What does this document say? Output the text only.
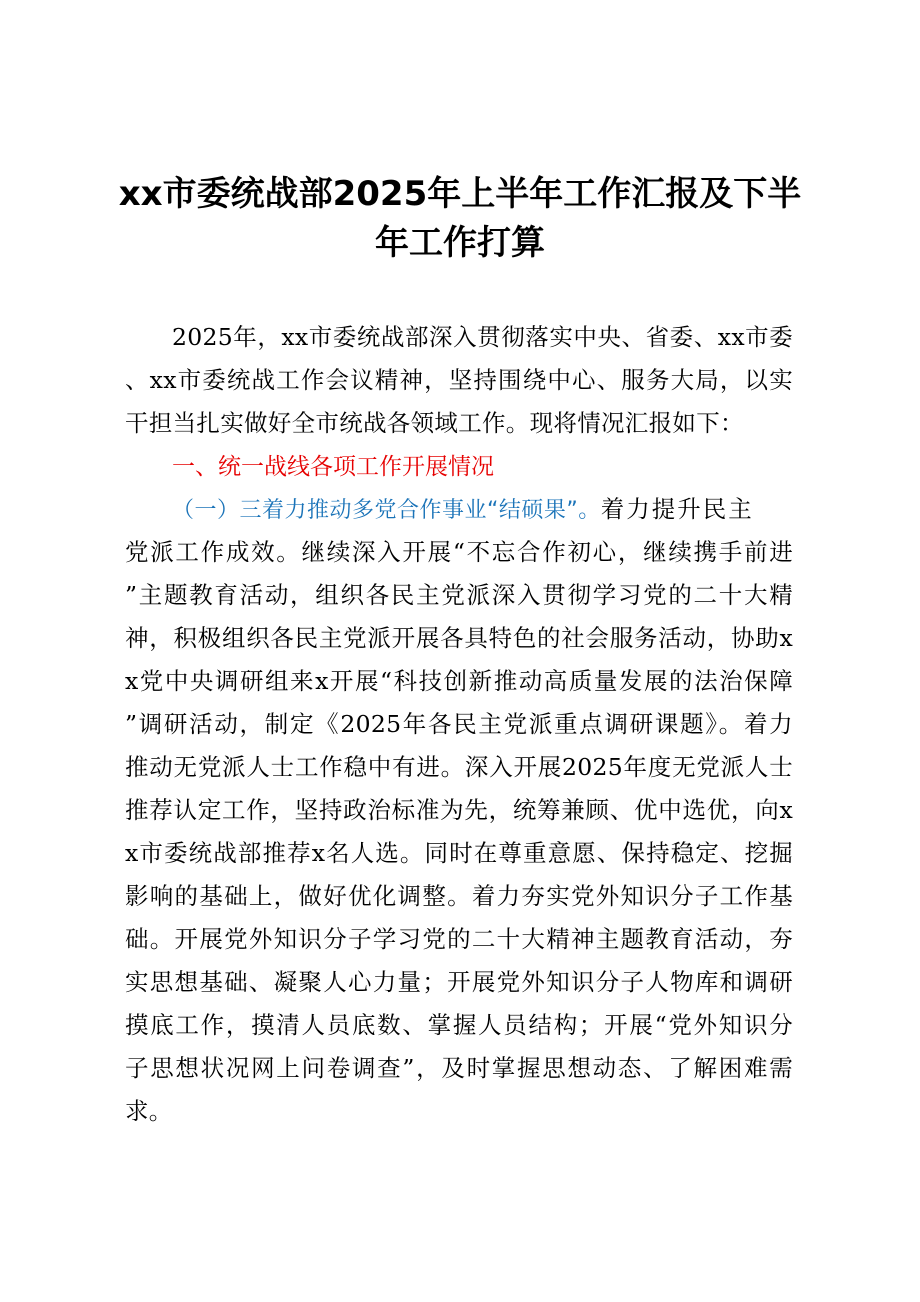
xx市委统战部2025年上半年工作汇报及下半
年工作打算
2025年，xx市委统战部深入贯彻落实中央、省委、xx市委
、xx市委统战工作会议精神，坚持围绕中心、服务大局，以实
干担当扎实做好全市统战各领域工作。现将情况汇报如下：
一、统一战线各项工作开展情况
（一）三着力推动多党合作事业“结硕果”。着力提升民主
党派工作成效。继续深入开展“不忘合作初心，继续携手前进
”主题教育活动，组织各民主党派深入贯彻学习党的二十大精
神，积极组织各民主党派开展各具特色的社会服务活动，协助x
x党中央调研组来x开展“科技创新推动高质量发展的法治保障
”调研活动，制定《2025年各民主党派重点调研课题》。着力
推动无党派人士工作稳中有进。深入开展2025年度无党派人士
推荐认定工作，坚持政治标准为先，统筹兼顾、优中选优，向x
x市委统战部推荐x名人选。同时在尊重意愿、保持稳定、挖掘
影响的基础上，做好优化调整。着力夯实党外知识分子工作基
础。开展党外知识分子学习党的二十大精神主题教育活动，夯
实思想基础、凝聚人心力量；开展党外知识分子人物库和调研
摸底工作，摸清人员底数、掌握人员结构；开展“党外知识分
子思想状况网上问卷调查”，及时掌握思想动态、了解困难需
求。
